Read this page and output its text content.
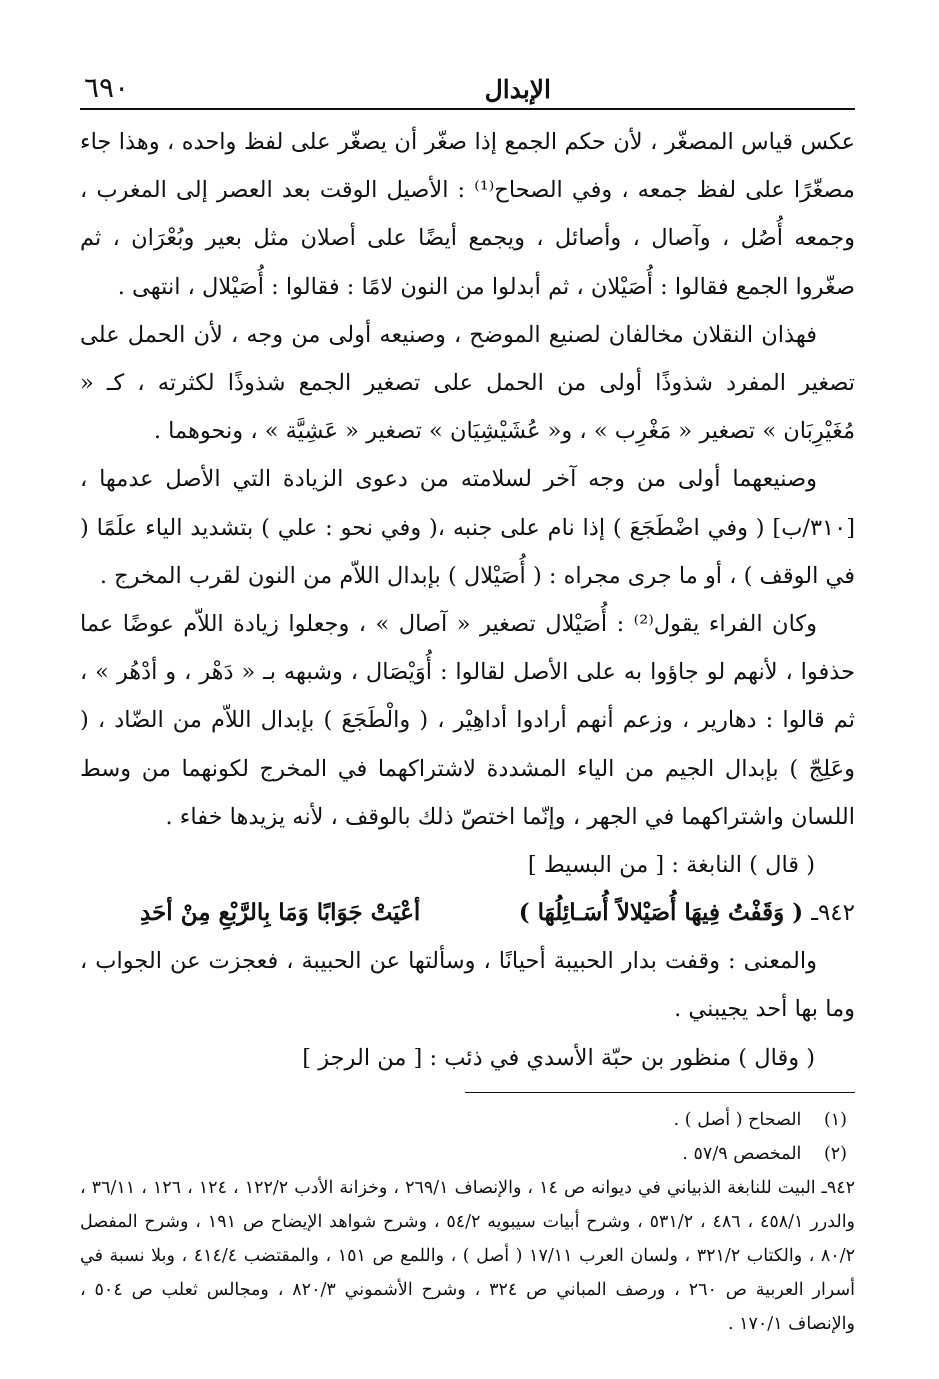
الإبدال
٦٩٠

عكس قياس المصغّر ، لأن حكم الجمع إذا صغّر أن يصغّر على لفظ واحده ، وهذا جاء مصغّرًا على لفظ جمعه ، وفي الصحاح⁽¹⁾ : الأصيل الوقت بعد العصر إلى المغرب ، وجمعه أُصُل ، وآصال ، وأصائل ، ويجمع أيضًا على أصلان مثل بعير وبُعْرَان ، ثم صغّروا الجمع فقالوا : أُصَيْلان ، ثم أبدلوا من النون لامًا : فقالوا : أُصَيْلال ، انتهى .

فهذان النقلان مخالفان لصنيع الموضح ، وصنيعه أولى من وجه ، لأن الحمل على تصغير المفرد شذوذًا أولى من الحمل على تصغير الجمع شذوذًا لكثرته ، كـ « مُغَيْرِبَان » تصغير « مَغْرِب » ، و« عُشَيْشِيَان » تصغير « عَشِيَّة » ، ونحوهما .

وصنيعهما أولى من وجه آخر لسلامته من دعوى الزيادة التي الأصل عدمها ، [٣١٠/ب] ( وفي اضْطَجَعَ ) إذا نام على جنبه ،( وفي نحو : علي ) بتشديد الياء علَمًا ( في الوقف ) ، أو ما جرى مجراه : ( أُصَيْلال ) بإبدال اللاّم من النون لقرب المخرج .

وكان الفراء يقول⁽²⁾ : أُصَيْلال تصغير « آصال » ، وجعلوا زيادة اللاّم عوضًا عما حذفوا ، لأنهم لو جاؤوا به على الأصل لقالوا : أُوَيْصَال ، وشبهه بـ « دَهْر ، و أدْهُر » ، ثم قالوا : دهارير ، وزعم أنهم أرادوا أداهِيْر ، ( والْطَجَعَ ) بإبدال اللاّم من الضّاد ، ( وعَلِجّ ) بإبدال الجيم من الياء المشددة لاشتراكهما في المخرج لكونهما من وسط اللسان واشتراكهما في الجهر ، وإنّما اختصّ ذلك بالوقف ، لأنه يزيدها خفاء .

( قال ) النابغة : [ من البسيط ]

٩٤٢ـ ( وَقَفْتُ فِيهَا أُصَيْلالاً أُسَـائِلُهَا )
أعْيَتْ جَوَابًا وَمَا بِالرَّبْعِ مِنْ أحَدِ

والمعنى : وقفت بدار الحبيبة أحيانًا ، وسألتها عن الحبيبة ، فعجزت عن الجواب ، وما بها أحد يجيبني .

( وقال ) منظور بن حبّة الأسدي في ذئب : [ من الرجز ]

(١) الصحاح ( أصل ) .

(٢) المخصص ٥٧/٩ .

٩٤٢ـ البيت للنابغة الذبياني في ديوانه ص ١٤ ، والإنصاف ٢٦٩/١ ، وخزانة الأدب ١٢٢/٢ ، ١٢٤ ، ١٢٦ ، ٣٦/١١ ، والدرر ٤٥٨/١ ، ٤٨٦ ، ٥٣١/٢ ، وشرح أبيات سيبويه ٥٤/٢ ، وشرح شواهد الإيضاح ص ١٩١ ، وشرح المفصل ٨٠/٢ ، والكتاب ٣٢١/٢ ، ولسان العرب ١٧/١١ ( أصل ) ، واللمع ص ١٥١ ، والمقتضب ٤١٤/٤ ، وبلا نسبة في أسرار العربية ص ٢٦٠ ، ورصف المباني ص ٣٢٤ ، وشرح الأشموني ٨٢٠/٣ ، ومجالس ثعلب ص ٥٠٤ ، والإنصاف ١٧٠/١ .
